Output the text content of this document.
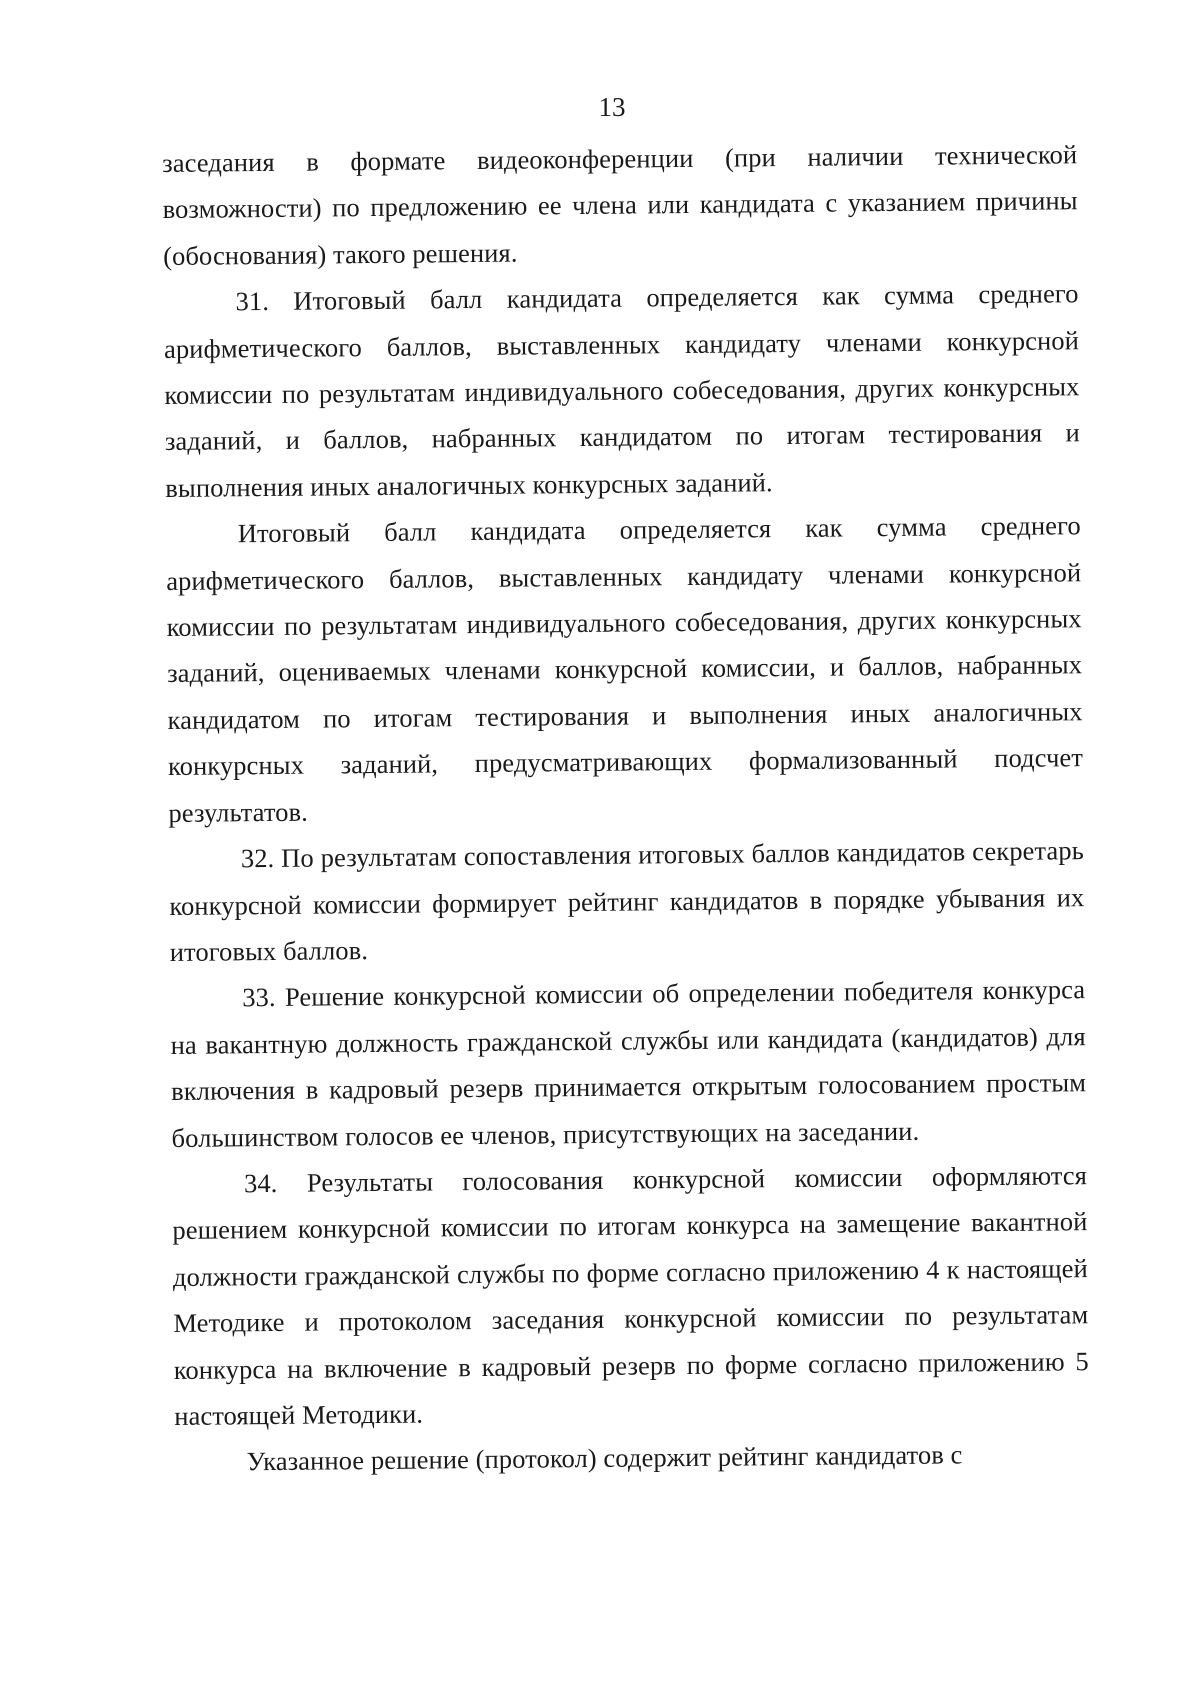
13

заседания в формате видеоконференции (при наличии технической возможности) по предложению ее члена или кандидата с указанием причины (обоснования) такого решения.

31. Итоговый балл кандидата определяется как сумма среднего арифметического баллов, выставленных кандидату членами конкурсной комиссии по результатам индивидуального собеседования, других конкурсных заданий, и баллов, набранных кандидатом по итогам тестирования и выполнения иных аналогичных конкурсных заданий.

Итоговый балл кандидата определяется как сумма среднего арифметического баллов, выставленных кандидату членами конкурсной комиссии по результатам индивидуального собеседования, других конкурсных заданий, оцениваемых членами конкурсной комиссии, и баллов, набранных кандидатом по итогам тестирования и выполнения иных аналогичных конкурсных заданий, предусматривающих формализованный подсчет результатов.

32. По результатам сопоставления итоговых баллов кандидатов секретарь конкурсной комиссии формирует рейтинг кандидатов в порядке убывания их итоговых баллов.

33. Решение конкурсной комиссии об определении победителя конкурса на вакантную должность гражданской службы или кандидата (кандидатов) для включения в кадровый резерв принимается открытым голосованием простым большинством голосов ее членов, присутствующих на заседании.

34. Результаты голосования конкурсной комиссии оформляются решением конкурсной комиссии по итогам конкурса на замещение вакантной должности гражданской службы по форме согласно приложению 4 к настоящей Методике и протоколом заседания конкурсной комиссии по результатам конкурса на включение в кадровый резерв по форме согласно приложению 5 настоящей Методики.

Указанное решение (протокол) содержит рейтинг кандидатов с
